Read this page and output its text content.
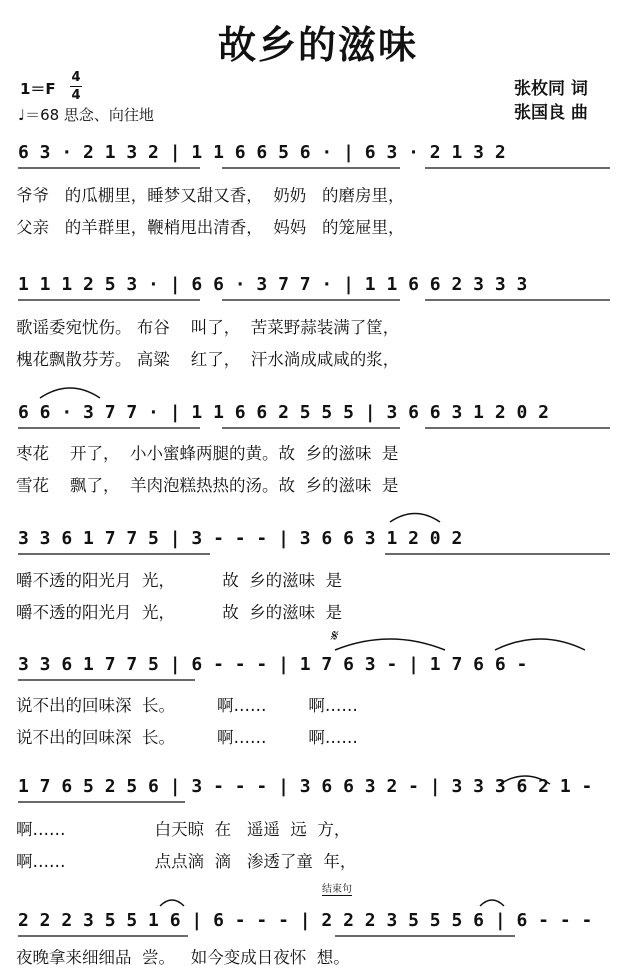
故乡的滋味
1＝F
4
4
♩＝68 思念、向往地
张枚同 词
张国良 曲
𝄋
结束句
6 3 · 2 1 3 2 | 1 1 6 6 5 6 · | 6 3 · 2 1 3 2
爷爷   的瓜棚里，睡梦又甜又香，  奶奶   的磨房里，
父亲   的羊群里，鞭梢甩出清香，  妈妈   的笼屉里，
1 1 1 2 5 3 · | 6 6 · 3 7 7 · | 1 1 6 6 2 3 3 3
歌谣委宛忧伤。 布谷    叫了，  苦菜野蒜装满了筐，
槐花飘散芬芳。 高粱    红了，  汗水淌成咸咸的浆，
6 6 · 3 7 7 · | 1 1 6 6 2 5 5 5 | 3 6 6 3 1 2 0 2
枣花    开了，  小小蜜蜂两腿的黄。故  乡的滋味  是
雪花    飘了，  羊肉泡糕热热的汤。故  乡的滋味  是
3 3 6 1 7 7 5 | 3 - - - | 3 6 6 3 1 2 0 2
嚼不透的阳光月  光，         故  乡的滋味  是
嚼不透的阳光月  光，         故  乡的滋味  是
3 3 6 1 7 7 5 | 6 - - - | 1 7 6 3 - | 1 7 6 6 -
说不出的回味深  长。        啊……        啊……
说不出的回味深  长。        啊……        啊……
1 7 6 5 2 5 6 | 3 - - - | 3 6 6 3 2 - | 3 3 3 6 2 1 -
啊……                 白天晾  在   遥遥  远  方，
啊……                 点点滴  滴   渗透了童  年，
2 2 2 3 5 5 1 6 | 6 - - - | 2 2 2 3 5 5 5 6 | 6 - - -
夜晚拿来细细品  尝。   如今变成日夜怀  想。
